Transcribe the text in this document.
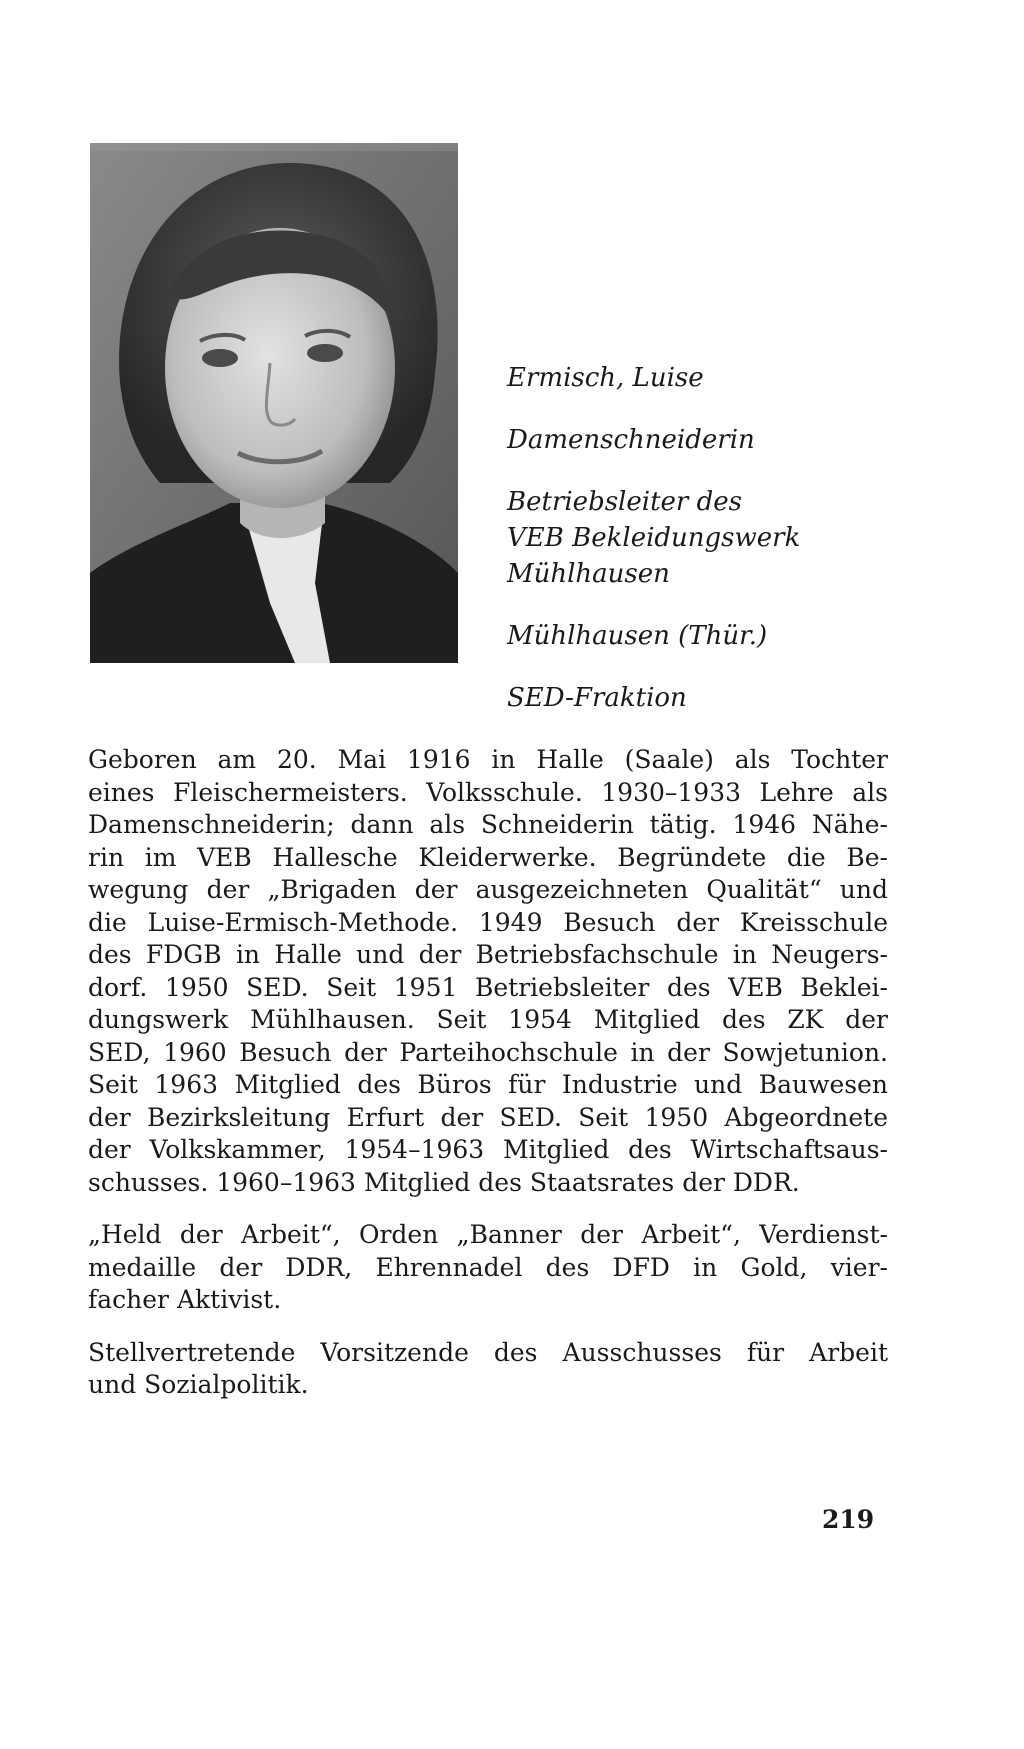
Ermisch, Luise
Damenschneiderin
Betriebsleiter des
VEB Bekleidungswerk
Mühlhausen
Mühlhausen (Thür.)
SED-Fraktion
Geboren am 20. Mai 1916 in Halle (Saale) als Tochter
eines Fleischermeisters. Volksschule. 1930–1933 Lehre als
Damenschneiderin; dann als Schneiderin tätig. 1946 Nähe-
rin im VEB Hallesche Kleiderwerke. Begründete die Be-
wegung der „Brigaden der ausgezeichneten Qualität“ und
die Luise-Ermisch-Methode. 1949 Besuch der Kreisschule
des FDGB in Halle und der Betriebsfachschule in Neugers-
dorf. 1950 SED. Seit 1951 Betriebsleiter des VEB Beklei-
dungswerk Mühlhausen. Seit 1954 Mitglied des ZK der
SED, 1960 Besuch der Parteihochschule in der Sowjetunion.
Seit 1963 Mitglied des Büros für Industrie und Bauwesen
der Bezirksleitung Erfurt der SED. Seit 1950 Abgeordnete
der Volkskammer, 1954–1963 Mitglied des Wirtschaftsaus-
schusses. 1960–1963 Mitglied des Staatsrates der DDR.
„Held der Arbeit“, Orden „Banner der Arbeit“, Verdienst-
medaille der DDR, Ehrennadel des DFD in Gold, vier-
facher Aktivist.
Stellvertretende Vorsitzende des Ausschusses für Arbeit
und Sozialpolitik.
219
